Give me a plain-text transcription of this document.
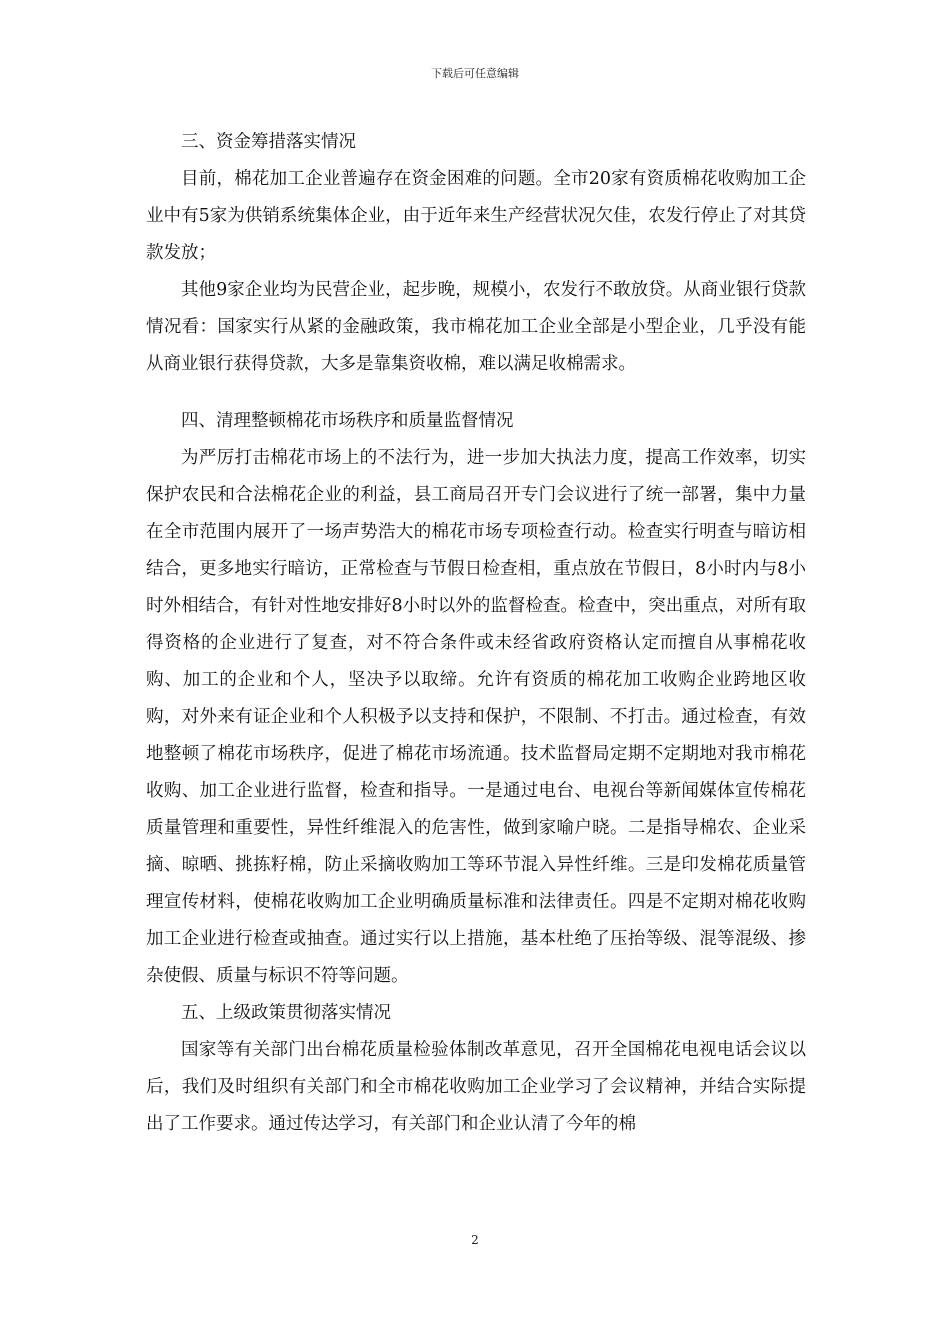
下载后可任意编辑

三、资金筹措落实情况

目前，棉花加工企业普遍存在资金困难的问题。全市20家有资质棉花收购加工企业中有5家为供销系统集体企业，由于近年来生产经营状况欠佳，农发行停止了对其贷款发放；

其他9家企业均为民营企业，起步晚，规模小，农发行不敢放贷。从商业银行贷款情况看：国家实行从紧的金融政策，我市棉花加工企业全部是小型企业，几乎没有能从商业银行获得贷款，大多是靠集资收棉，难以满足收棉需求。

四、清理整顿棉花市场秩序和质量监督情况

为严厉打击棉花市场上的不法行为，进一步加大执法力度，提高工作效率，切实保护农民和合法棉花企业的利益，县工商局召开专门会议进行了统一部署，集中力量在全市范围内展开了一场声势浩大的棉花市场专项检查行动。检查实行明查与暗访相结合，更多地实行暗访，正常检查与节假日检查相，重点放在节假日，8小时内与8小时外相结合，有针对性地安排好8小时以外的监督检查。检查中，突出重点，对所有取得资格的企业进行了复查，对不符合条件或未经省政府资格认定而擅自从事棉花收购、加工的企业和个人，坚决予以取缔。允许有资质的棉花加工收购企业跨地区收购，对外来有证企业和个人积极予以支持和保护，不限制、不打击。通过检查，有效地整顿了棉花市场秩序，促进了棉花市场流通。技术监督局定期不定期地对我市棉花收购、加工企业进行监督，检查和指导。一是通过电台、电视台等新闻媒体宣传棉花质量管理和重要性，异性纤维混入的危害性，做到家喻户晓。二是指导棉农、企业采摘、晾晒、挑拣籽棉，防止采摘收购加工等环节混入异性纤维。三是印发棉花质量管理宣传材料，使棉花收购加工企业明确质量标准和法律责任。四是不定期对棉花收购加工企业进行检查或抽查。通过实行以上措施，基本杜绝了压抬等级、混等混级、掺杂使假、质量与标识不符等问题。

五、上级政策贯彻落实情况

国家等有关部门出台棉花质量检验体制改革意见，召开全国棉花电视电话会议以后，我们及时组织有关部门和全市棉花收购加工企业学习了会议精神，并结合实际提出了工作要求。通过传达学习，有关部门和企业认清了今年的棉

2
